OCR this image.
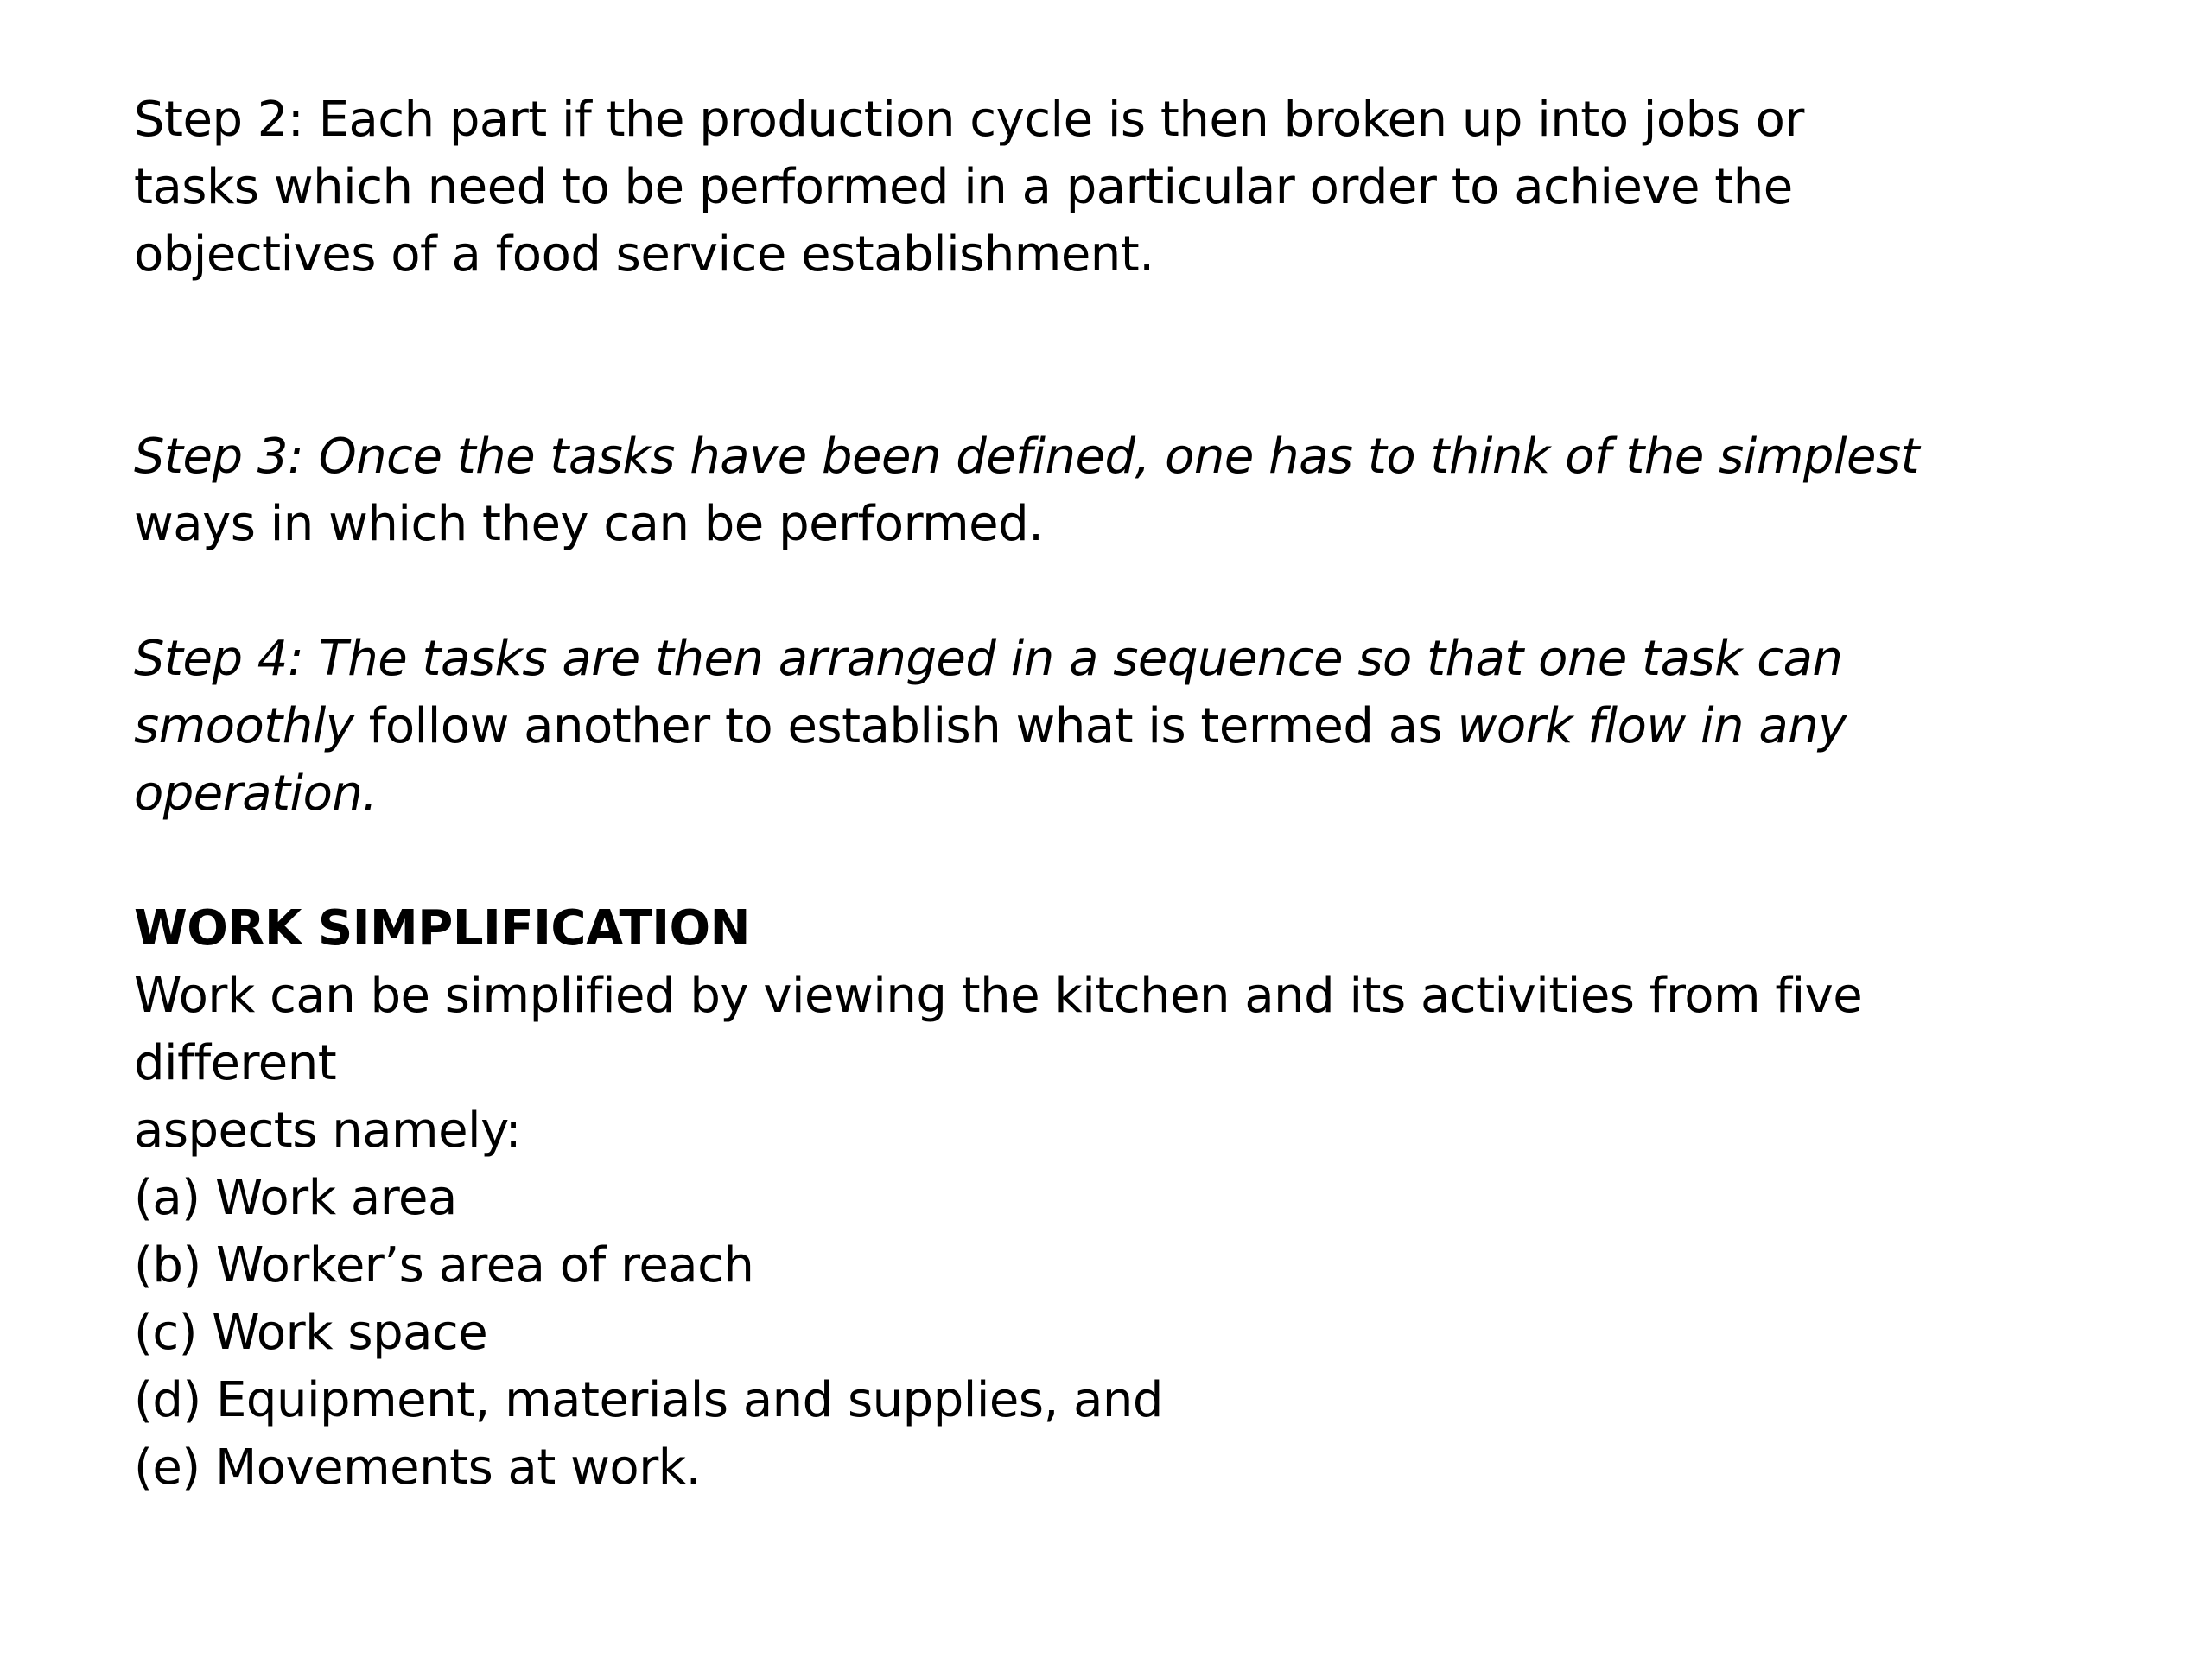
Step 2: Each part if the production cycle is then broken up into jobs or
tasks which need to be performed in a particular order to achieve the
objectives of a food service establishment.

Step 3: Once the tasks have been defined, one has to think of the simplest
ways in which they can be performed.

Step 4: The tasks are then arranged in a sequence so that one task can
smoothly follow another to establish what is termed as work flow in any
operation.

WORK SIMPLIFICATION
Work can be simplified by viewing the kitchen and its activities from five
different
aspects namely:
(a) Work area
(b) Worker’s area of reach
(c) Work space
(d) Equipment, materials and supplies, and
(e) Movements at work.
